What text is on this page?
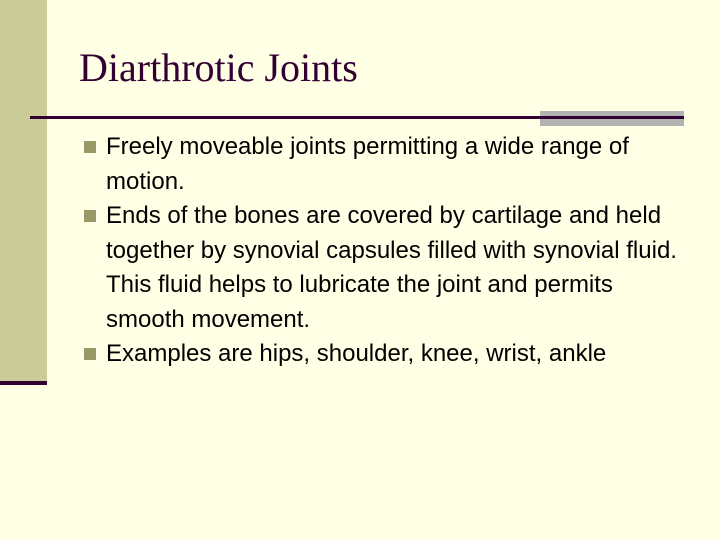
Diarthrotic Joints
Freely moveable joints permitting a wide range of motion.
Ends of the bones are covered by cartilage and held together by synovial capsules filled with synovial fluid. This fluid helps to lubricate the joint and permits smooth movement.
Examples are hips, shoulder, knee, wrist, ankle
